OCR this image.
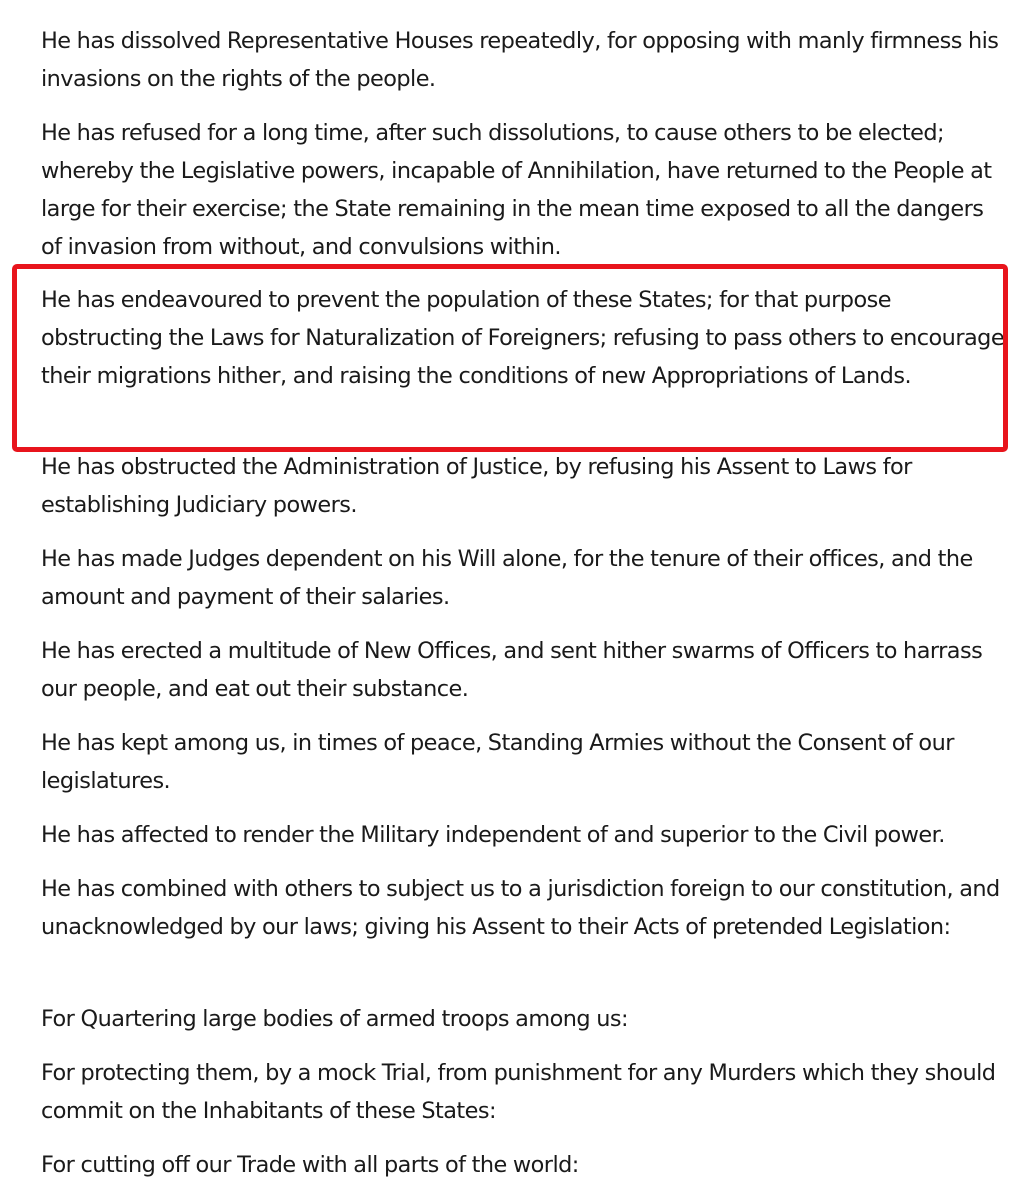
He has dissolved Representative Houses repeatedly, for opposing with manly firmness his invasions on the rights of the people.

He has refused for a long time, after such dissolutions, to cause others to be elected; whereby the Legislative powers, incapable of Annihilation, have returned to the People at large for their exercise; the State remaining in the mean time exposed to all the dangers of invasion from without, and convulsions within.

He has endeavoured to prevent the population of these States; for that purpose obstructing the Laws for Naturalization of Foreigners; refusing to pass others to encourage their migrations hither, and raising the conditions of new Appropriations of Lands.

He has obstructed the Administration of Justice, by refusing his Assent to Laws for establishing Judiciary powers.

He has made Judges dependent on his Will alone, for the tenure of their offices, and the amount and payment of their salaries.

He has erected a multitude of New Offices, and sent hither swarms of Officers to harrass our people, and eat out their substance.

He has kept among us, in times of peace, Standing Armies without the Consent of our legislatures.

He has affected to render the Military independent of and superior to the Civil power.

He has combined with others to subject us to a jurisdiction foreign to our constitution, and unacknowledged by our laws; giving his Assent to their Acts of pretended Legislation:

For Quartering large bodies of armed troops among us:

For protecting them, by a mock Trial, from punishment for any Murders which they should commit on the Inhabitants of these States:

For cutting off our Trade with all parts of the world:
